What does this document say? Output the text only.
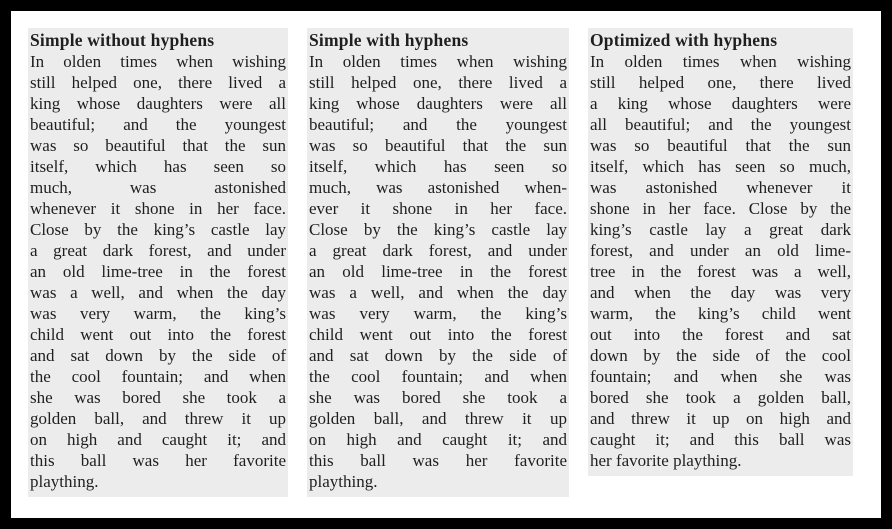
Simple without hyphens
In olden times when wishing
still helped one, there lived a
king whose daughters were all
beautiful; and the youngest
was so beautiful that the sun
itself, which has seen so
much, was astonished
whenever it shone in her face.
Close by the king’s castle lay
a great dark forest, and under
an old lime-tree in the forest
was a well, and when the day
was very warm, the king’s
child went out into the forest
and sat down by the side of
the cool fountain; and when
she was bored she took a
golden ball, and threw it up
on high and caught it; and
this ball was her favorite
plaything.
Simple with hyphens
In olden times when wishing
still helped one, there lived a
king whose daughters were all
beautiful; and the youngest
was so beautiful that the sun
itself, which has seen so
much, was astonished when-
ever it shone in her face.
Close by the king’s castle lay
a great dark forest, and under
an old lime-tree in the forest
was a well, and when the day
was very warm, the king’s
child went out into the forest
and sat down by the side of
the cool fountain; and when
she was bored she took a
golden ball, and threw it up
on high and caught it; and
this ball was her favorite
plaything.
Optimized with hyphens
In olden times when wishing
still helped one, there lived
a king whose daughters were
all beautiful; and the youngest
was so beautiful that the sun
itself, which has seen so much,
was astonished whenever it
shone in her face. Close by the
king’s castle lay a great dark
forest, and under an old lime-
tree in the forest was a well,
and when the day was very
warm, the king’s child went
out into the forest and sat
down by the side of the cool
fountain; and when she was
bored she took a golden ball,
and threw it up on high and
caught it; and this ball was
her favorite plaything.
